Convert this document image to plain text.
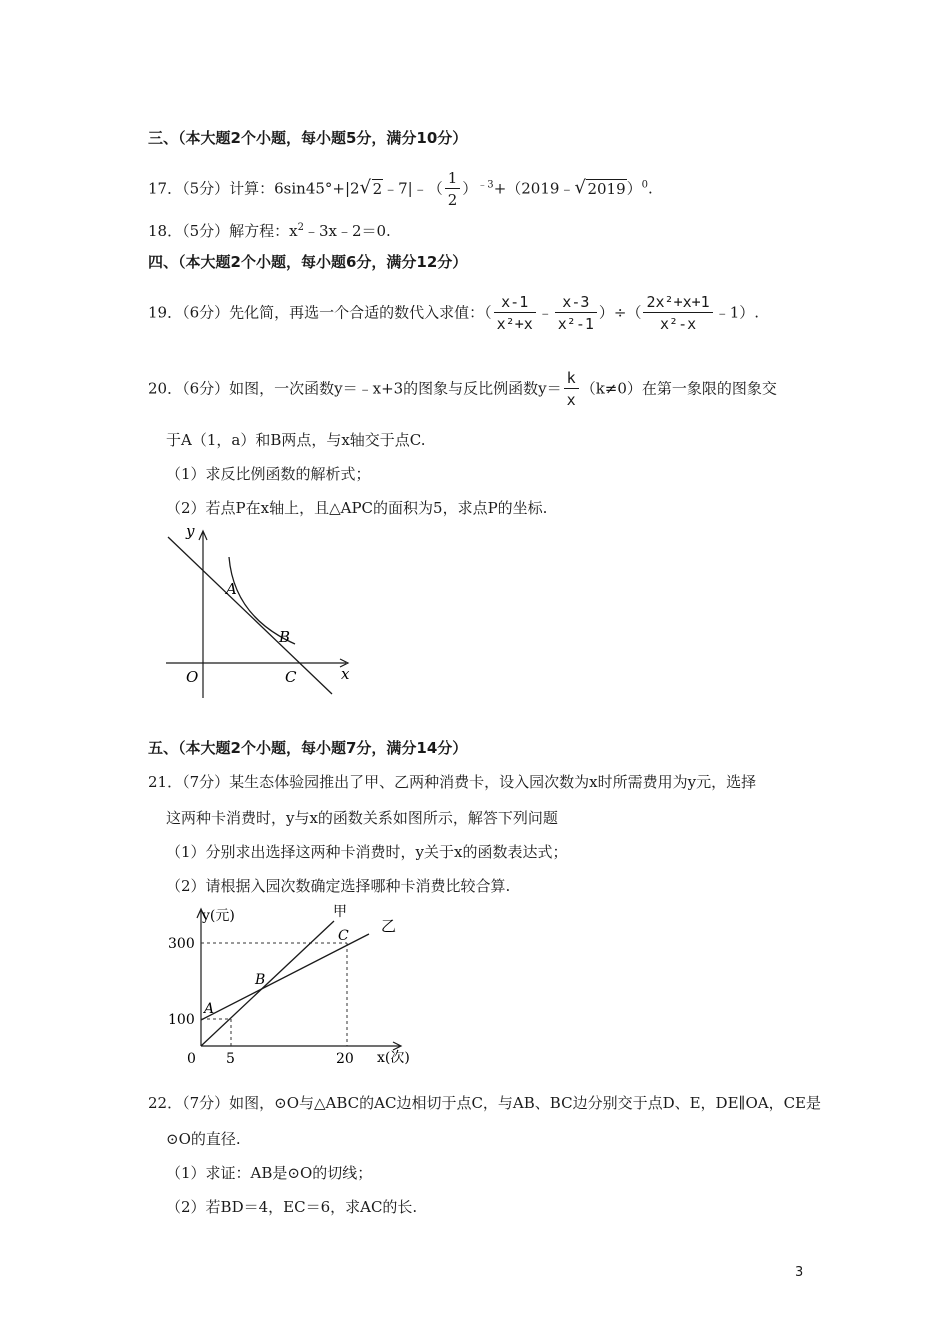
三、（本大题2个小题，每小题5分，满分10分）
17．（5分）计算：6sin45°+|2 √ 2﹣7|﹣（ $\frac{1}{2}$ ）$^{﹣3}$+（2019﹣ √ 2019）$^0$.
18．（5分）解方程：$x^2﹣3x﹣2=0$.
四、（本大题2个小题，每小题6分，满分12分）
19．（6分）先化简，再选一个合适的数代入求值：（ $\frac{x-1}{\text{x²+x}}$ ﹣ $\frac{x-3}{\text{x²-1}}$ ）÷（ $\frac{\text{2x²+x+1}}{\text{x²-x}}$ ﹣1）.
20．（6分）如图，一次函数y＝﹣x+3的图象与反比例函数$y= \frac{k}{x} (k\ne 0)$在第一象限的图象交
于A（1，a）和B两点，与x轴交于点C.
（1）求反比例函数的解析式；
（2）若点P在x轴上，且△APC的面积为5，求点P的坐标.
y
x
A
B
O	C
五、（本大题2个小题，每小题7分，满分14分）
21．（7分）某生态体验园推出了甲、乙两种消费卡，设入园次数为x时所需费用为y元，选择
这两种卡消费时，y与x的函数关系如图所示，解答下列问题
（1）分别求出选择这两种卡消费时，y关于x的函数表达式；
（2）请根据入园次数确定选择哪种卡消费比较合算.
y(元)
x(次)
甲
乙
A
B
C
300
100
0 5	20
22．（7分）如图，⊙O与△ABC的AC边相切于点C，与AB、BC边分别交于点D、E，DE∥OA，CE是
⊙O的直径.
（1）求证：AB是⊙O的切线；
（2）若BD＝4，EC＝6，求AC的长.
3
